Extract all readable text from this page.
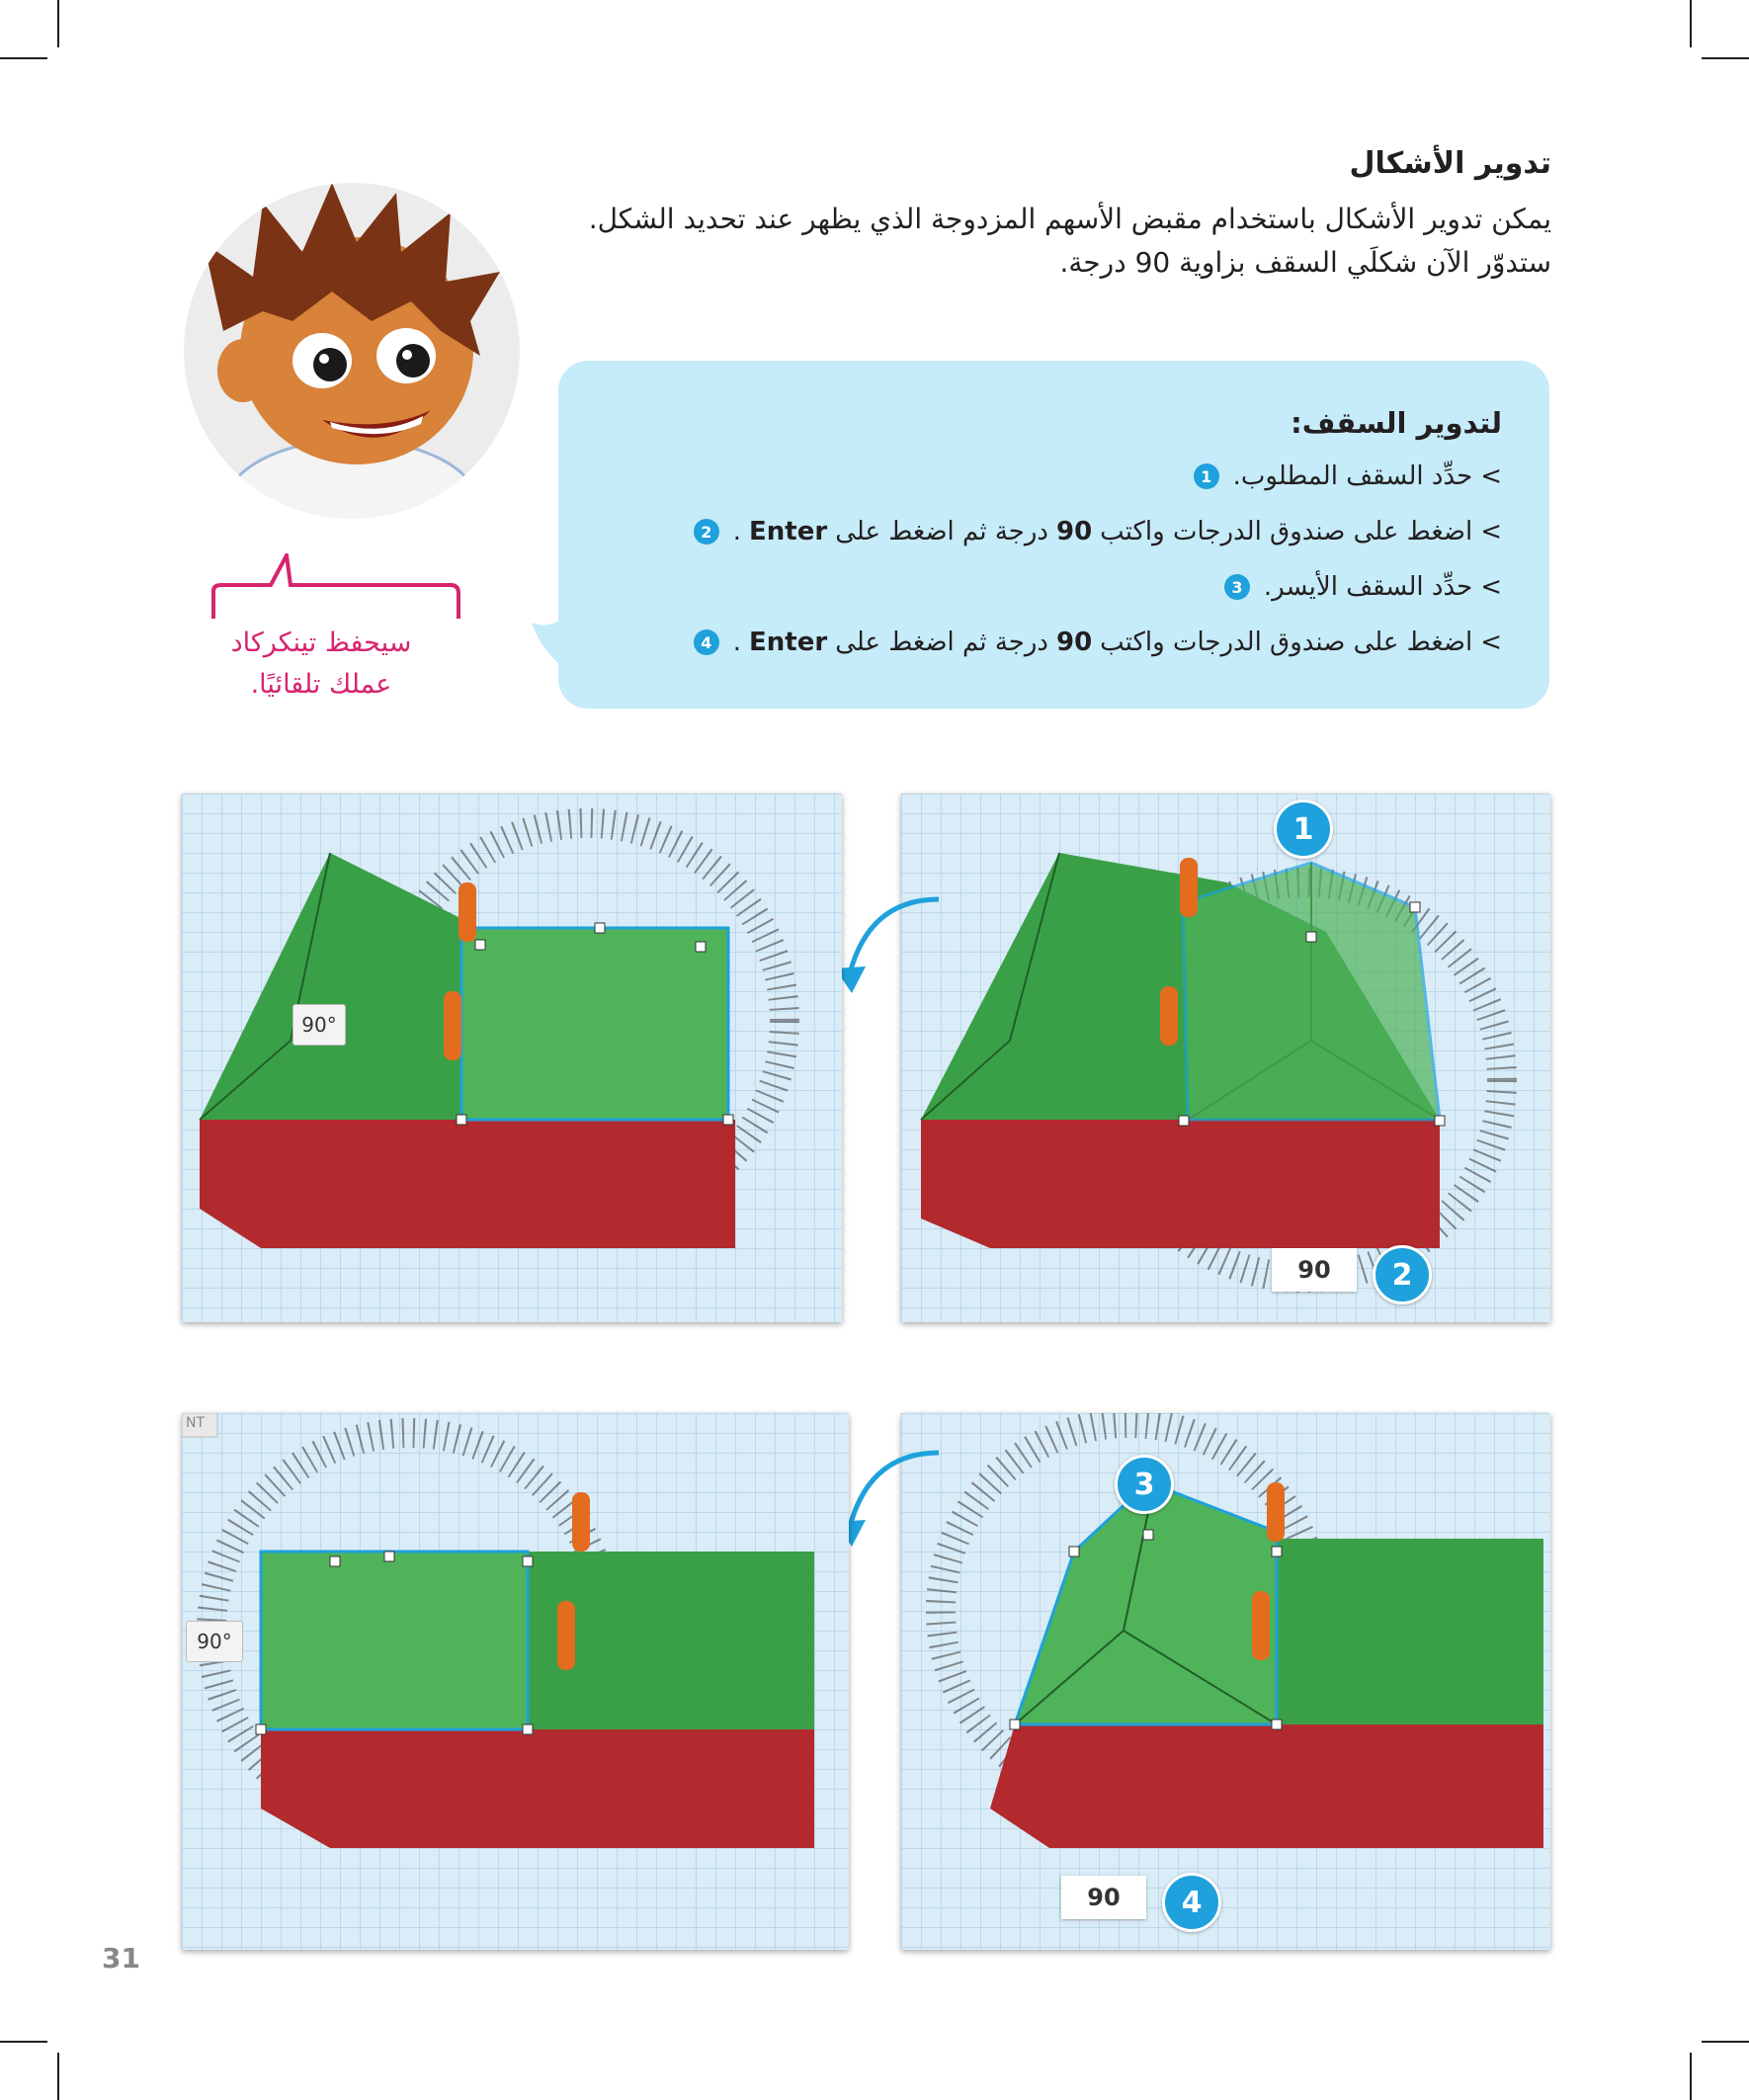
تدوير الأشكال

يمكن تدوير الأشكال باستخدام مقبض الأسهم المزدوجة الذي يظهر عند تحديد الشكل.

ستدوّر الآن شكلَي السقف بزاوية 90 درجة.

سيحفظ تينكركاد
عملك تلقائيًا.
لتدوير السقف:
>
حدِّد السقف المطلوب.
1
>
اضغط على صندوق الدرجات واكتب
90
درجة ثم اضغط على
Enter
.
2
>
حدِّد السقف الأيسر.
3
>
اضغط على صندوق الدرجات واكتب
90
درجة ثم اضغط على
Enter
.
4
1
90	2
90°
3
90	4
NT
90°
31
